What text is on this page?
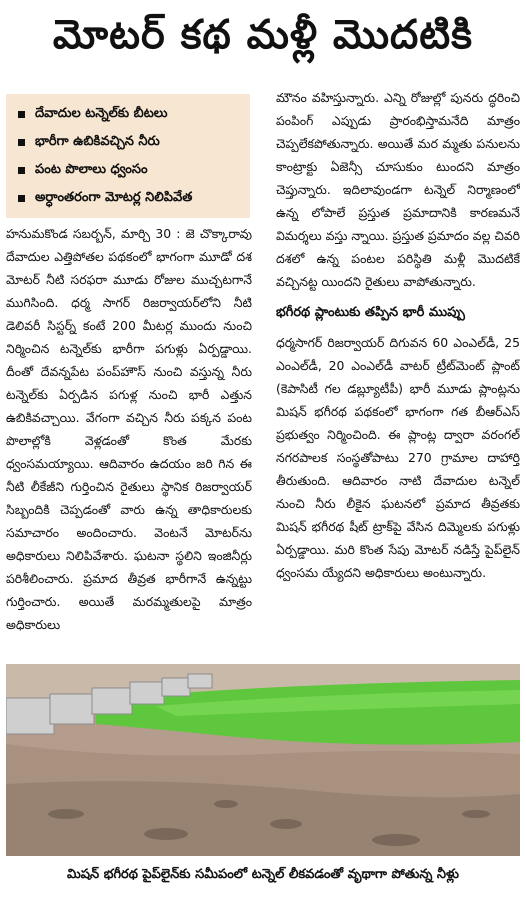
మోటర్ కథ మళ్లీ మొదటికి
దేవాదుల టన్నెల్‌కు బీటలు
భారీగా ఉబికివచ్చిన నీరు
పంట పొలాలు ధ్వంసం
అర్ధాంతరంగా మోటర్ల నిలిపివేత

హనుమకొండ సబర్బన్, మార్చి 30 : జె చొక్కారావు దేవాదుల ఎత్తిపోతల పథకంలో భాగంగా మూడో దశ మోటర్ నీటి సరఫరా మూడు రోజుల ముచ్చటగానే ముగిసింది. ధర్మ సాగర్ రిజర్వాయర్‌లోని నీటి డెలివరీ సిస్టర్న్ కంటే 200 మీటర్ల ముందు నుంచి నిర్మించిన టన్నెల్‌కు భారీగా పగుళ్లు ఏర్పడ్డాయి. దీంతో దేవన్నపేట పంప్‌హౌస్ నుంచి వస్తున్న నీరు టన్నెల్‌కు ఏర్పడిన పగుళ్ల నుంచి భారీ ఎత్తున ఉబికివచ్చాయి. వేగంగా వచ్చిన నీరు పక్కన పంట పొలాల్లోకి వెళ్లడంతో కొంత మేరకు ధ్వంసమయ్యాయి. ఆదివారం ఉదయం జరి గిన ఈ నీటి లీకేజీని గుర్తించిన రైతులు స్థానిక రిజర్వాయర్ సిబ్బందికి చెప్పడంతో వారు ఉన్న తాధికారులకు సమాచారం అందించారు. వెంటనే మోటర్‌ను అధికారులు నిలిపివేశారు. ఘటనా స్థలిని ఇంజినీర్లు పరిశీలించారు. ప్రమాద తీవ్రత భారీగానే ఉన్నట్టు గుర్తించారు. అయితే మరమ్మతులపై మాత్రం అధికారులు

మౌనం వహిస్తున్నారు. ఎన్ని రోజుల్లో పునరు ద్ధరించి పంపింగ్ ఎప్పుడు ప్రారంభిస్తామనేది మాత్రం చెప్పలేకపోతున్నారు. అయితే మర మ్మతు పనులను కాంట్రాక్టు ఏజెన్సీ చూసుకుం టుందని మాత్రం చెప్తున్నారు. ఇదిలావుండగా టన్నెల్ నిర్మాణంలో ఉన్న లోపాలే ప్రస్తుత ప్రమాదానికి కారణమనే విమర్శలు వస్తు న్నాయి. ప్రస్తుత ప్రమాదం వల్ల చివరి దశలో ఉన్న పంటల పరిస్థితి మళ్లీ మొదటికే వచ్చినట్ట యిందని రైతులు వాపోతున్నారు.

భగీరథ ప్లాంటుకు తప్పిన భారీ ముప్పు

ధర్మసాగర్ రిజర్వాయర్ దిగువన 60 ఎంఎల్‌డీ, 25 ఎంఎల్‌డీ, 20 ఎంఎల్‌డీ వాటర్ ట్రీట్‌మెంట్ ప్లాంట్ (కెపాసిటీ గల డబ్ల్యూటీపీ) భారీ మూడు ప్లాంట్లను మిషన్ భగీరథ పథకంలో భాగంగా గత బీఆర్‌ఎస్ ప్రభుత్వం నిర్మించింది. ఈ ప్లాంట్ల ద్వారా వరంగల్ నగరపాలక సంస్థతోపాటు 270 గ్రామాల దాహార్తి తీరుతుంది. ఆదివారం నాటి దేవాదుల టన్నెల్ నుంచి నీరు లీకైన ఘటనలో ప్రమాద తీవ్రతకు మిషన్ భగీరథ షీట్ ట్రాక్‌పై వేసిన దిమ్మెలకు పగుళ్లు ఏర్పడ్డాయి. మరి కొంత సేపు మోటర్ నడిస్తే పైప్‌లైన్ ధ్వంసమ య్యేదని అధికారులు అంటున్నారు.

మిషన్ భగీరథ పైప్‌లైన్‌కు సమీపంలో టన్నెల్ లీకవడంతో వృథాగా పోతున్న నీళ్లు
